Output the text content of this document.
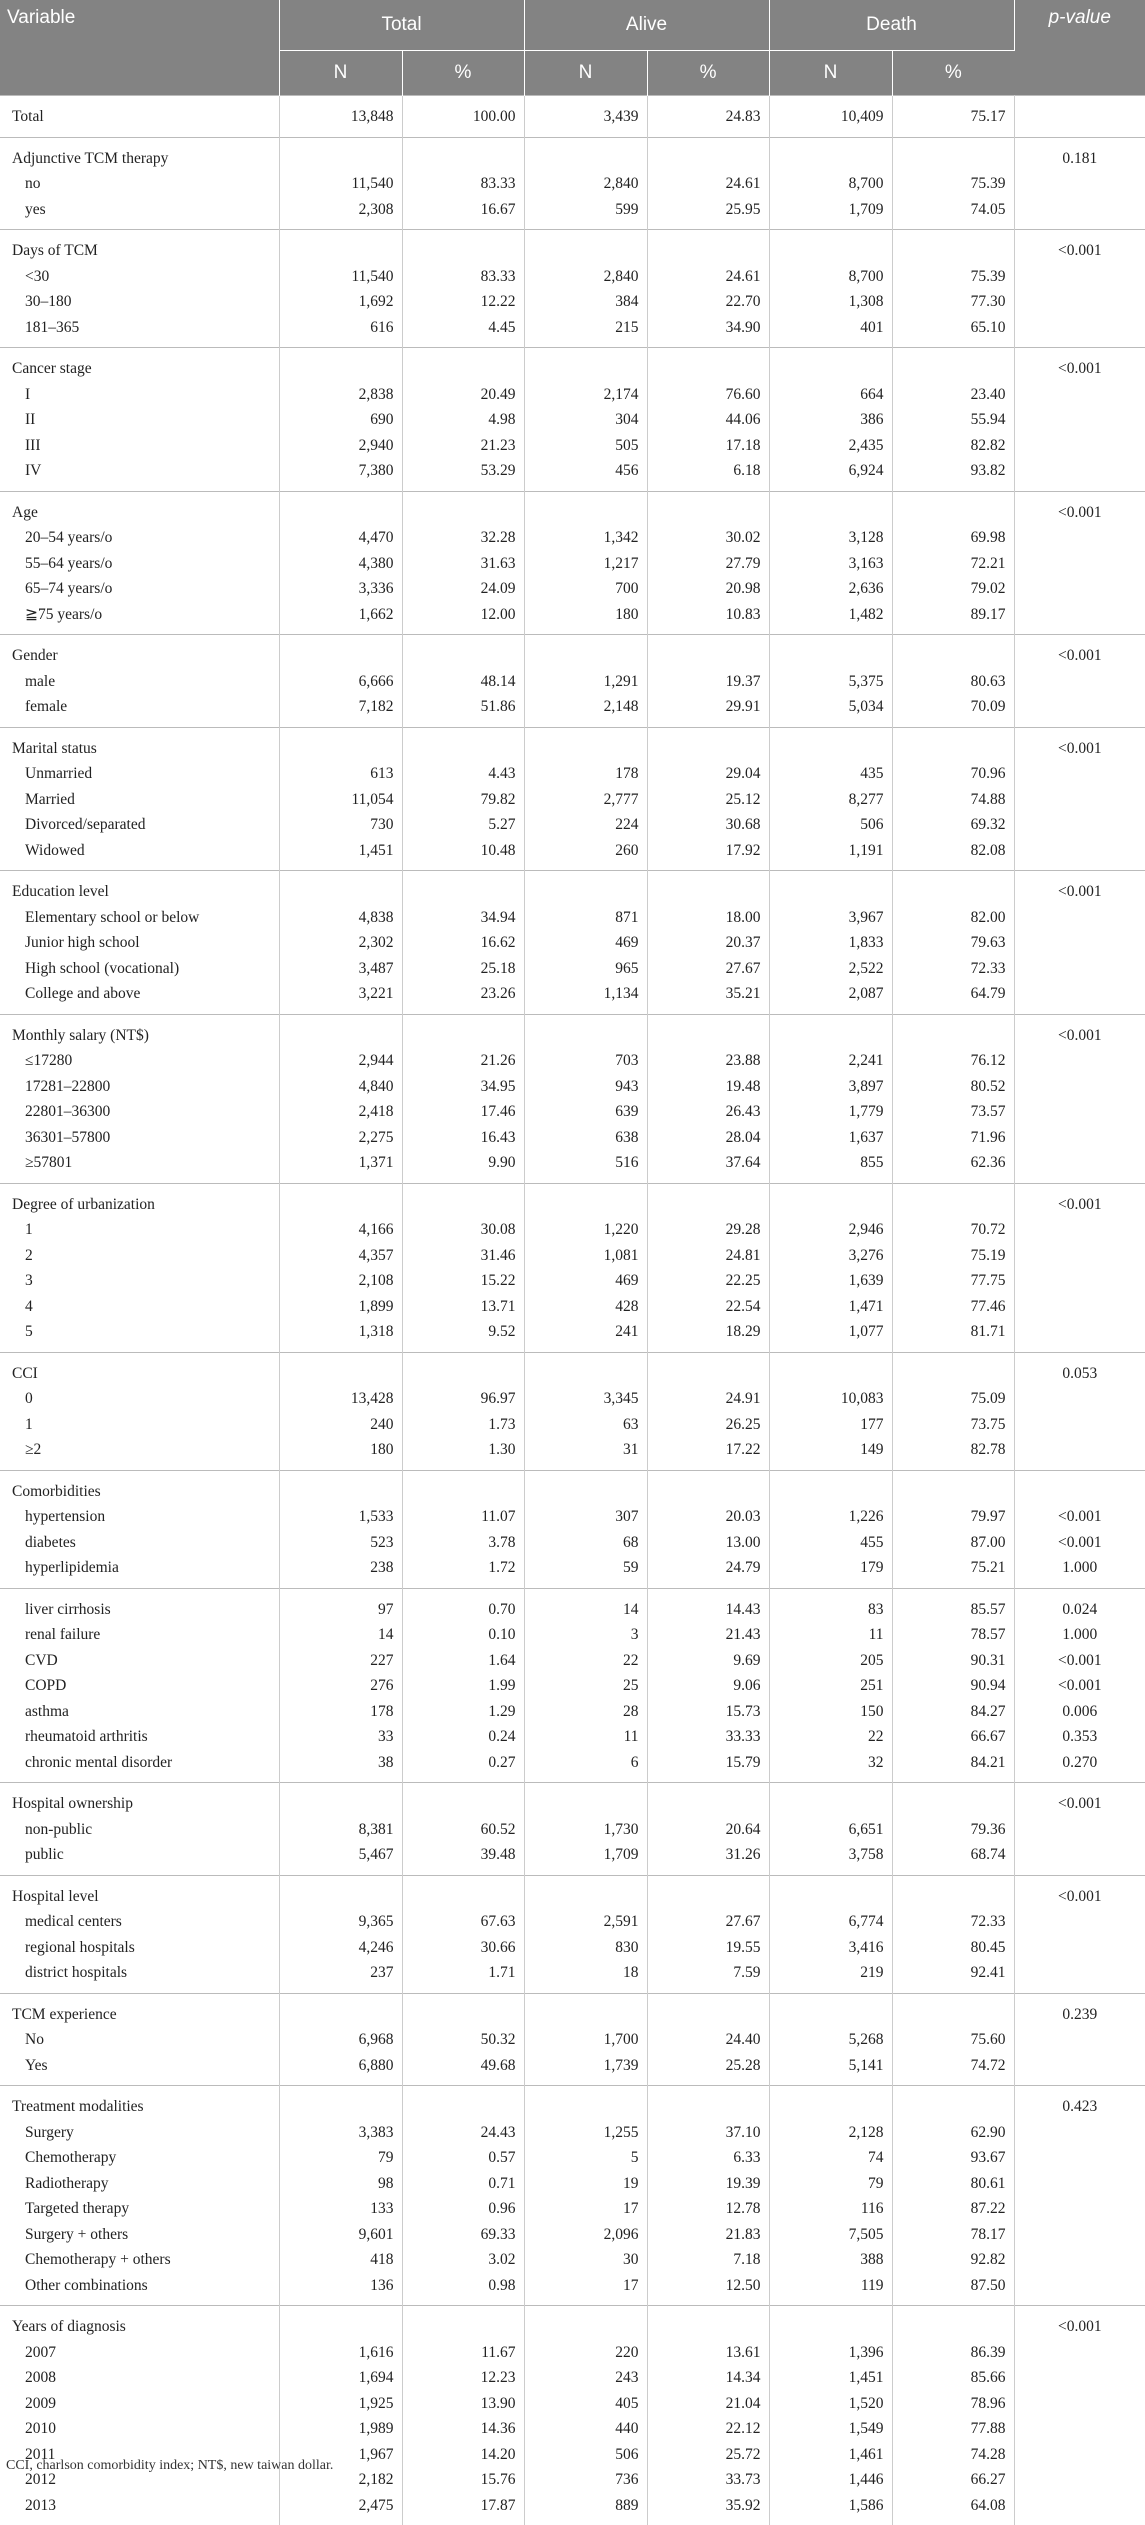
Variable	Total		Alive		Death		p-value
	N	%	N	%	N	%	
Total	13,848	100.00	3,439	24.83	10,409	75.17	
Adjunctive TCM therapy							0.181
no	11,540	83.33	2,840	24.61	8,700	75.39	
yes	2,308	16.67	599	25.95	1,709	74.05	
Days of TCM							<0.001
<30	11,540	83.33	2,840	24.61	8,700	75.39	
30–180	1,692	12.22	384	22.70	1,308	77.30	
181–365	616	4.45	215	34.90	401	65.10	
Cancer stage							<0.001
I	2,838	20.49	2,174	76.60	664	23.40	
II	690	4.98	304	44.06	386	55.94	
III	2,940	21.23	505	17.18	2,435	82.82	
IV	7,380	53.29	456	6.18	6,924	93.82	
Age							<0.001
20–54 years/o	4,470	32.28	1,342	30.02	3,128	69.98	
55–64 years/o	4,380	31.63	1,217	27.79	3,163	72.21	
65–74 years/o	3,336	24.09	700	20.98	2,636	79.02	
≧75 years/o	1,662	12.00	180	10.83	1,482	89.17	
Gender							<0.001
male	6,666	48.14	1,291	19.37	5,375	80.63	
female	7,182	51.86	2,148	29.91	5,034	70.09	
Marital status							<0.001
Unmarried	613	4.43	178	29.04	435	70.96	
Married	11,054	79.82	2,777	25.12	8,277	74.88	
Divorced/separated	730	5.27	224	30.68	506	69.32	
Widowed	1,451	10.48	260	17.92	1,191	82.08	
Education level							<0.001
Elementary school or below	4,838	34.94	871	18.00	3,967	82.00	
Junior high school	2,302	16.62	469	20.37	1,833	79.63	
High school (vocational)	3,487	25.18	965	27.67	2,522	72.33	
College and above	3,221	23.26	1,134	35.21	2,087	64.79	
Monthly salary (NT$)							<0.001
≤17280	2,944	21.26	703	23.88	2,241	76.12	
17281–22800	4,840	34.95	943	19.48	3,897	80.52	
22801–36300	2,418	17.46	639	26.43	1,779	73.57	
36301–57800	2,275	16.43	638	28.04	1,637	71.96	
≥57801	1,371	9.90	516	37.64	855	62.36	
Degree of urbanization							<0.001
1	4,166	30.08	1,220	29.28	2,946	70.72	
2	4,357	31.46	1,081	24.81	3,276	75.19	
3	2,108	15.22	469	22.25	1,639	77.75	
4	1,899	13.71	428	22.54	1,471	77.46	
5	1,318	9.52	241	18.29	1,077	81.71	
CCI							0.053
0	13,428	96.97	3,345	24.91	10,083	75.09	
1	240	1.73	63	26.25	177	73.75	
≥2	180	1.30	31	17.22	149	82.78	
Comorbidities							
hypertension	1,533	11.07	307	20.03	1,226	79.97	<0.001
diabetes	523	3.78	68	13.00	455	87.00	<0.001
hyperlipidemia	238	1.72	59	24.79	179	75.21	1.000
liver cirrhosis	97	0.70	14	14.43	83	85.57	0.024
renal failure	14	0.10	3	21.43	11	78.57	1.000
CVD	227	1.64	22	9.69	205	90.31	<0.001
COPD	276	1.99	25	9.06	251	90.94	<0.001
asthma	178	1.29	28	15.73	150	84.27	0.006
rheumatoid arthritis	33	0.24	11	33.33	22	66.67	0.353
chronic mental disorder	38	0.27	6	15.79	32	84.21	0.270
Hospital ownership							<0.001
non-public	8,381	60.52	1,730	20.64	6,651	79.36	
public	5,467	39.48	1,709	31.26	3,758	68.74	
Hospital level							<0.001
medical centers	9,365	67.63	2,591	27.67	6,774	72.33	
regional hospitals	4,246	30.66	830	19.55	3,416	80.45	
district hospitals	237	1.71	18	7.59	219	92.41	
TCM experience							0.239
No	6,968	50.32	1,700	24.40	5,268	75.60	
Yes	6,880	49.68	1,739	25.28	5,141	74.72	
Treatment modalities							0.423
Surgery	3,383	24.43	1,255	37.10	2,128	62.90	
Chemotherapy	79	0.57	5	6.33	74	93.67	
Radiotherapy	98	0.71	19	19.39	79	80.61	
Targeted therapy	133	0.96	17	12.78	116	87.22	
Surgery + others	9,601	69.33	2,096	21.83	7,505	78.17	
Chemotherapy + others	418	3.02	30	7.18	388	92.82	
Other combinations	136	0.98	17	12.50	119	87.50	
Years of diagnosis							<0.001
2007	1,616	11.67	220	13.61	1,396	86.39	
2008	1,694	12.23	243	14.34	1,451	85.66	
2009	1,925	13.90	405	21.04	1,520	78.96	
2010	1,989	14.36	440	22.12	1,549	77.88	
2011	1,967	14.20	506	25.72	1,461	74.28	
2012	2,182	15.76	736	33.73	1,446	66.27	
2013	2,475	17.87	889	35.92	1,586	64.08	
CCI, charlson comorbidity index; NT$, new taiwan dollar.
